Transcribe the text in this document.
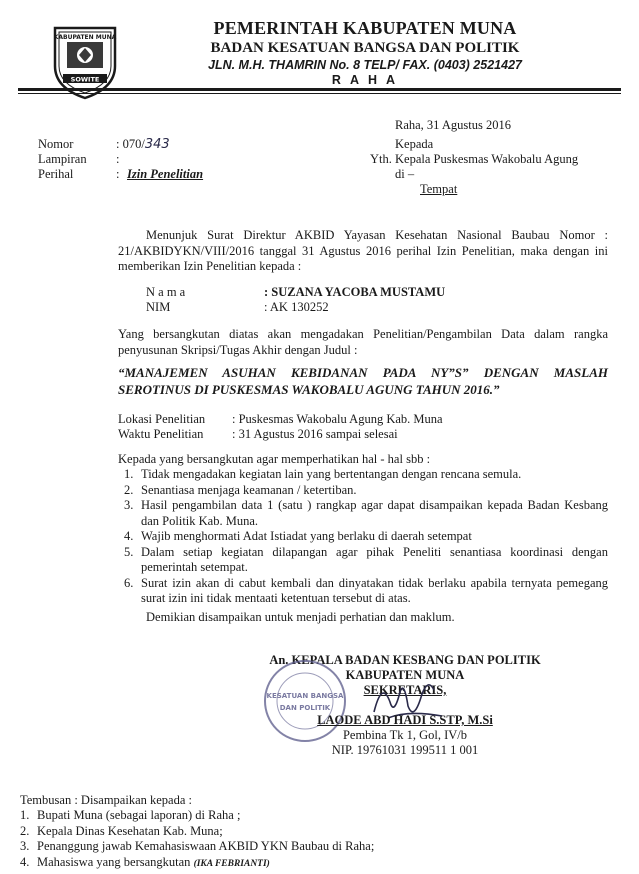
SOWITE
KABUPATEN MUNA	PEMERINTAH KABUPATEN MUNA
BADAN KESATUAN BANGSA DAN POLITIK
JLN. M.H. THAMRIN No. 8 TELP/ FAX. (0403) 2521427
R A H A
Raha, 31 Agustus 2016
Nomor	: 070/343
Lampiran :
Perihal	: Izin Penelitian
Kepada
Yth. Kepala Puskesmas Wakobalu Agung
di –
Tempat
Menunjuk Surat Direktur AKBID Yayasan Kesehatan Nasional Baubau Nomor : 21/AKBIDYKN/VIII/2016 tanggal 31 Agustus 2016 perihal Izin Penelitian, maka dengan ini memberikan Izin Penelitian kepada :
N a m a	: SUZANA YACOBA MUSTAMU
NIM	: AK 130252
Yang bersangkutan diatas akan mengadakan Penelitian/Pengambilan Data dalam rangka penyusunan Skripsi/Tugas Akhir dengan Judul :
“MANAJEMEN ASUHAN KEBIDANAN PADA NY”S” DENGAN MASLAH SEROTINUS DI PUSKESMAS WAKOBALU AGUNG TAHUN 2016.”
Lokasi Penelitian : Puskesmas Wakobalu Agung Kab. Muna
Waktu Penelitian : 31 Agustus 2016 sampai selesai
Kepada yang bersangkutan agar memperhatikan hal - hal sbb :
1. Tidak mengadakan kegiatan lain yang bertentangan dengan rencana semula.
2. Senantiasa menjaga keamanan / ketertiban.
3. Hasil pengambilan data 1 (satu ) rangkap agar dapat disampaikan kepada Badan Kesbang dan Politik Kab. Muna.
4. Wajib menghormati Adat Istiadat yang berlaku di daerah setempat
5. Dalam setiap kegiatan dilapangan agar pihak Peneliti senantiasa koordinasi dengan pemerintah setempat.
6. Surat izin akan di cabut kembali dan dinyatakan tidak berlaku apabila ternyata pemegang surat izin ini tidak mentaati ketentuan tersebut di atas.
Demikian disampaikan untuk menjadi perhatian dan maklum.
An. KEPALA BADAN KESBANG DAN POLITIK
KABUPATEN MUNA
SEKRETARIS,
KESATUAN BANGSA
DAN POLITIK
LAODE ABD HADI S.STP, M.Si
Pembina Tk 1, Gol, IV/b
NIP. 19761031 199511 1 001
Tembusan : Disampaikan kepada :
1. Bupati Muna (sebagai laporan) di Raha ;
2. Kepala Dinas Kesehatan Kab. Muna;
3. Penanggung jawab Kemahasiswaan AKBID YKN Baubau di Raha;
4. Mahasiswa yang bersangkutan (IKA FEBRIANTI)
